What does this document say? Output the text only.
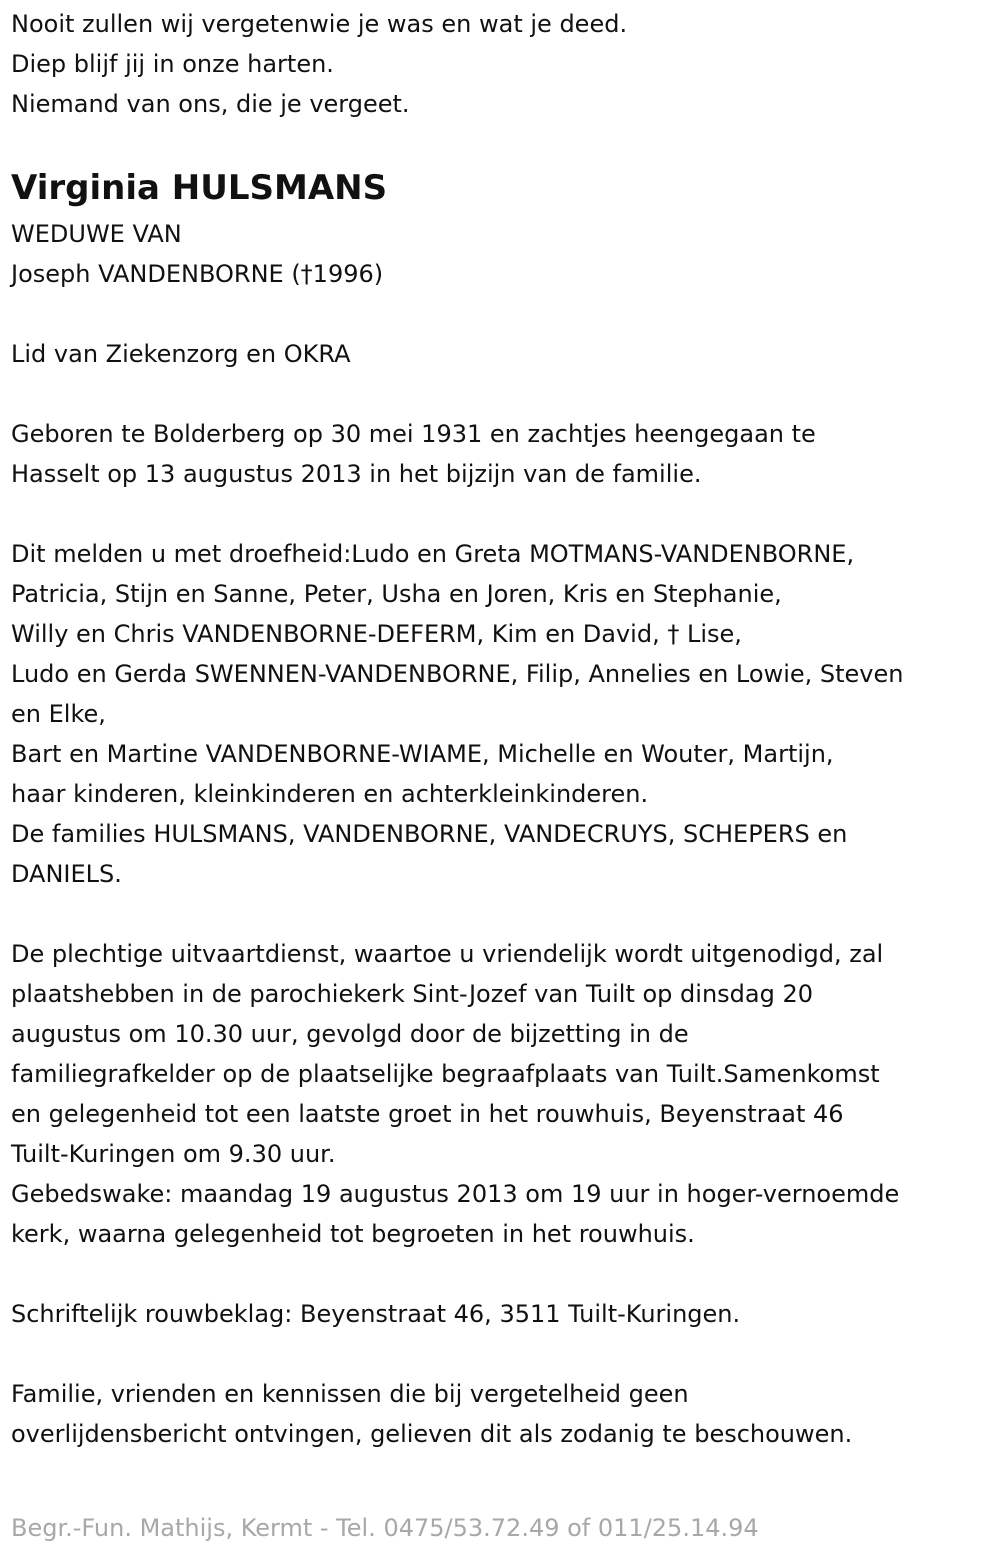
Nooit zullen wij vergetenwie je was en wat je deed.
Diep blijf jij in onze harten.
Niemand van ons, die je vergeet.
Virginia HULSMANS
WEDUWE VAN
Joseph VANDENBORNE (†1996)
Lid van Ziekenzorg en OKRA
Geboren te Bolderberg op 30 mei 1931 en zachtjes heengegaan te
Hasselt op 13 augustus 2013 in het bijzijn van de familie.
Dit melden u met droefheid:Ludo en Greta MOTMANS-VANDENBORNE,
Patricia, Stijn en Sanne, Peter, Usha en Joren, Kris en Stephanie,
Willy en Chris VANDENBORNE-DEFERM, Kim en David, † Lise,
Ludo en Gerda SWENNEN-VANDENBORNE, Filip, Annelies en Lowie, Steven
en Elke,
Bart en Martine VANDENBORNE-WIAME, Michelle en Wouter, Martijn,
haar kinderen, kleinkinderen en achterkleinkinderen.
De families HULSMANS, VANDENBORNE, VANDECRUYS, SCHEPERS en
DANIELS.
De plechtige uitvaartdienst, waartoe u vriendelijk wordt uitgenodigd, zal
plaatshebben in de parochiekerk Sint-Jozef van Tuilt op dinsdag 20
augustus om 10.30 uur, gevolgd door de bijzetting in de
familiegrafkelder op de plaatselijke begraafplaats van Tuilt.Samenkomst
en gelegenheid tot een laatste groet in het rouwhuis, Beyenstraat 46
Tuilt-Kuringen om 9.30 uur.
Gebedswake: maandag 19 augustus 2013 om 19 uur in hoger-vernoemde
kerk, waarna gelegenheid tot begroeten in het rouwhuis.
Schriftelijk rouwbeklag: Beyenstraat 46, 3511 Tuilt-Kuringen.
Familie, vrienden en kennissen die bij vergetelheid geen
overlijdensbericht ontvingen, gelieven dit als zodanig te beschouwen.
Begr.-Fun. Mathijs, Kermt - Tel. 0475/53.72.49 of 011/25.14.94
